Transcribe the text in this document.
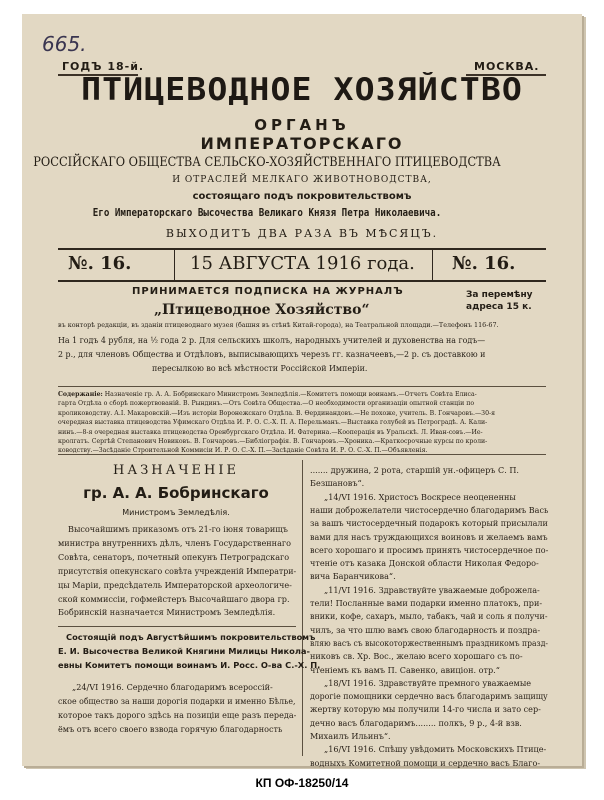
665.
ГОДЪ 18-й.	МОСКВА.
ПТИЦЕВОДНОЕ ХОЗЯЙСТВО
ОРГАНЪ
ИМПЕРАТОРСКАГО
РОССІЙСКАГО ОБЩЕСТВА СЕЛЬСКО-ХОЗЯЙСТВЕННАГО ПТИЦЕВОДСТВА
И ОТРАСЛЕЙ МЕЛКАГО ЖИВОТНОВОДСТВА,
состоящаго подъ покровительствомъ
Его Императорскаго Высочества Великаго Князя Петра Николаевича.
ВЫХОДИТЪ ДВА РАЗА ВЪ МѢСЯЦЪ.
№. 16.	15 АВГУСТА 1916 года. №. 16.
ПРИНИМАЕТСЯ ПОДПИСКА НА ЖУРНАЛЪ
„Птицеводное Хозяйство“
За перемѣну
адреса 15 к.
въ конторѣ редакціи, въ зданіи птицеводнаго музея (башня въ стѣнѣ Китай-города), на Театральной площади.—Телефонъ 116-67.
На 1 годъ 4 рубля, на ½ года 2 р. Для сельскихъ школъ, народныхъ учителей и духовенства на годъ—
2 р., для членовъ Общества и Отдѣловъ, выписывающихъ черезъ гг. казначеевъ,—2 р. съ доставкою и
пересылкою во всѣ мѣстности Россійской Имперіи.
Содержаніе: Назначеніе гр. А. А. Бобринскаго Министромъ Земледѣлія.—Комитетъ помощи воинамъ.—Отчетъ Совѣта Елиса-
гарта Отдѣла о сборѣ пожертвованій. В. Рындинъ.—Отъ Совѣта Общества.—О необходимости организаціи опытной станціи по
кролиководству. А.І. Макаровскій.—Изъ исторіи Воронежскаго Отдѣла. В. Ѳердинандовъ.—Не похоже, учитель. В. Гончаровъ.—30-я
очередная выставка птицеводства Уфимскаго Отдѣла И. Р. О. С.-Х. П. А. Перельманъ.—Выставка голубей въ Петроградѣ. А. Кали-
нинъ.—8-я очередная выставка птицеводства Оренбургскаго Отдѣла. И. Фатерина.—Кооперація въ Уральскѣ. Л. Иван-совъ.—Ие-
кролгатъ. Сергѣй Степанович Новиковъ. В. Гончаровъ.—Библіографія. В. Гончаровъ.—Хроника.—Краткосрочные курсы по кроли-
ководству.—Засѣданіе Строительной Коммисіи И. Р. О. С.-Х. П.—Засѣданіе Совѣта И. Р. О. С.-Х. П.—Объявленія.
НАЗНАЧЕНІЕ
гр. А. А. Бобринскаго
Министромъ Земледѣлія.
Высочайшимъ приказомъ отъ 21-го іюня товарищъ
министра внутреннихъ дѣлъ, членъ Государственнаго
Совѣта, сенаторъ, почетный опекунъ Петроградскаго
присутствія опекунскаго совѣта учрежденій Императри-
цы Маріи, предсѣдатель Императорской археологиче-
ской коммиссіи, гофмейстеръ Высочайшаго двора гр.
Бобринскій назначается Министромъ Земледѣлія.
Состоящій подъ Августѣйшимъ покровительствомъ
Е. И. Высочества Великой Княгини Милицы Никола-
евны Комитетъ помощи воинамъ И. Росс. О-ва С.-Х. П.
„24/VI 1916. Сердечно благодаримъ всероссій-
ское общество за наши дорогія подарки и именно Бѣлье,
которое такъ дорого здѣсь на позиціи еще разъ переда-
ёмъ отъ всего своего взвода горячую благодарность
....... дружина, 2 рота, старшій ун.-офицеръ С. П.
Безшановъ“.
„14/VI 1916. Христосъ Воскресе неоцененны
наши доброжелатели чистосердечно благодаримъ Вась
за вашъ чистосердечный подарокъ который присылали
вами для насъ труждающихся воиновъ и желаемъ вамъ
всего хорошаго и просимъ принять чистосердечное по-
чтеніе отъ казака Донской области Николая Федоро-
вича Баранчикова“.
„11/VI 1916. Здравствуйте уважаемые доброжела-
тели! Посланные вами подарки именно платокъ, при-
вники, кофе, сахаръ, мыло, табакъ, чай и соль я получи-
чилъ, за что шлю вамъ свою благодарность и поздра-
вляю васъ съ высокоторжественнымъ праздникомъ празд-
никовъ св. Хр. Вос., желаю всего хорошаго съ по-
чтеніемъ къ вамъ П. Савенко, авиціон. отр.“
„18/VI 1916. Здравствуйте премного уважаемые
дорогіе помощники сердечно васъ благодаримъ защищу
жертву которую мы получили 14-го числа и зато сер-
дечно васъ благодаримъ........ полкъ, 9 р., 4-й взв.
Михаилъ Ильинъ“.
„16/VI 1916. Спѣшу увѣдомить Московскихъ Птице-
водныхъ Комитетной помощи и сердечно васъ Благо-
КП ОФ-18250/14
